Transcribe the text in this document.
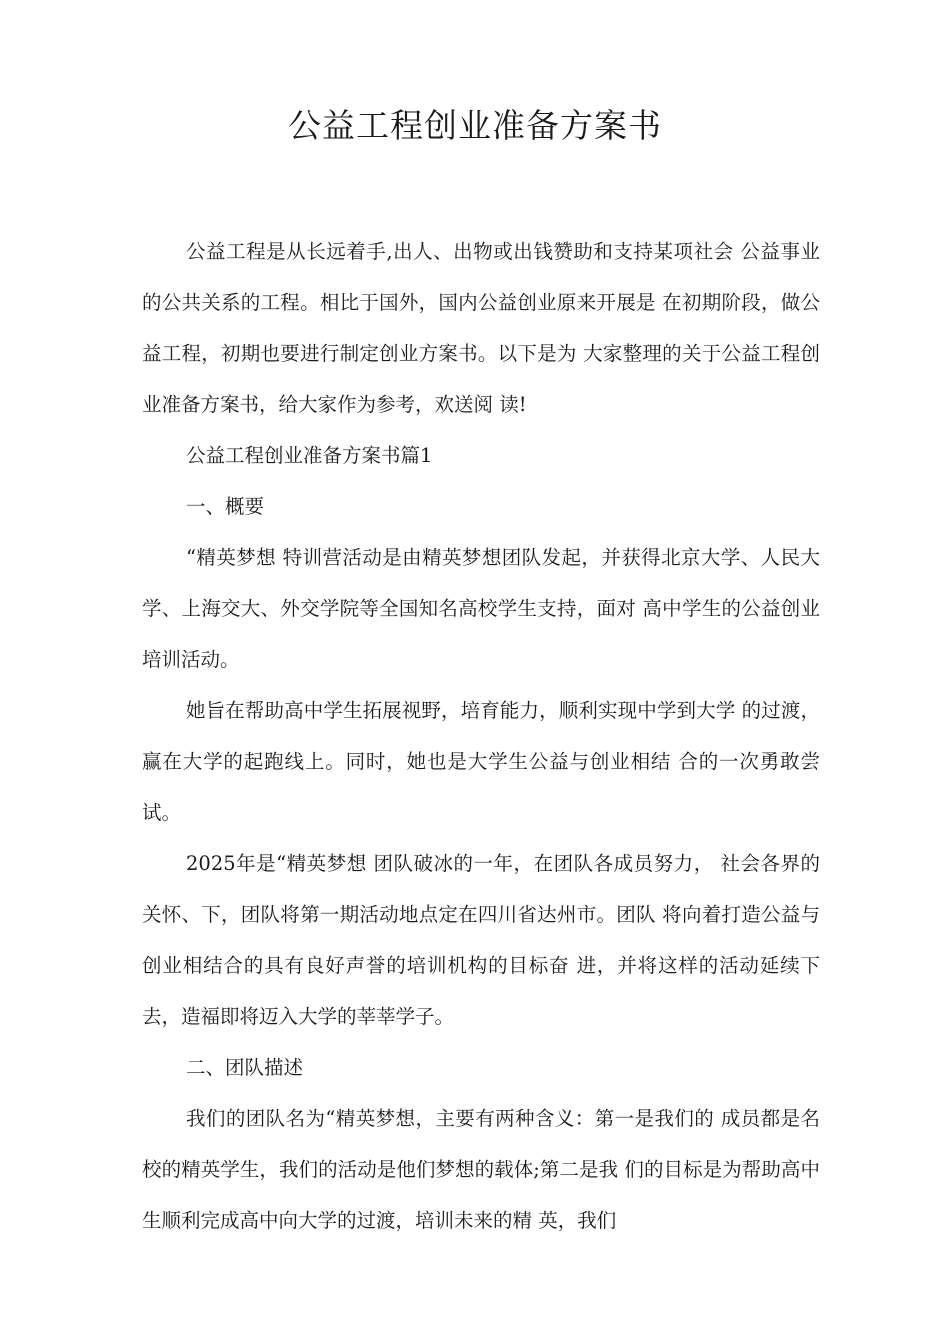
公益工程创业准备方案书

公益工程是从长远着手,出人、出物或出钱赞助和支持某项社会 公益事业的公共关系的工程。相比于国外，国内公益创业原来开展是 在初期阶段，做公益工程，初期也要进行制定创业方案书。以下是为 大家整理的关于公益工程创业准备方案书，给大家作为参考，欢送阅 读!

公益工程创业准备方案书篇1

一、概要

“精英梦想 特训营活动是由精英梦想团队发起，并获得北京大学、人民大学、上海交大、外交学院等全国知名高校学生支持，面对 高中学生的公益创业培训活动。

她旨在帮助高中学生拓展视野，培育能力，顺利实现中学到大学 的过渡，赢在大学的起跑线上。同时，她也是大学生公益与创业相结 合的一次勇敢尝试。

2025年是“精英梦想 团队破冰的一年，在团队各成员努力， 社会各界的关怀、下，团队将第一期活动地点定在四川省达州市。团队 将向着打造公益与创业相结合的具有良好声誉的培训机构的目标奋 进，并将这样的活动延续下去，造福即将迈入大学的莘莘学子。

二、团队描述

我们的团队名为“精英梦想，主要有两种含义：第一是我们的 成员都是名校的精英学生，我们的活动是他们梦想的载体;第二是我 们的目标是为帮助高中生顺利完成高中向大学的过渡，培训未来的精 英，我们
